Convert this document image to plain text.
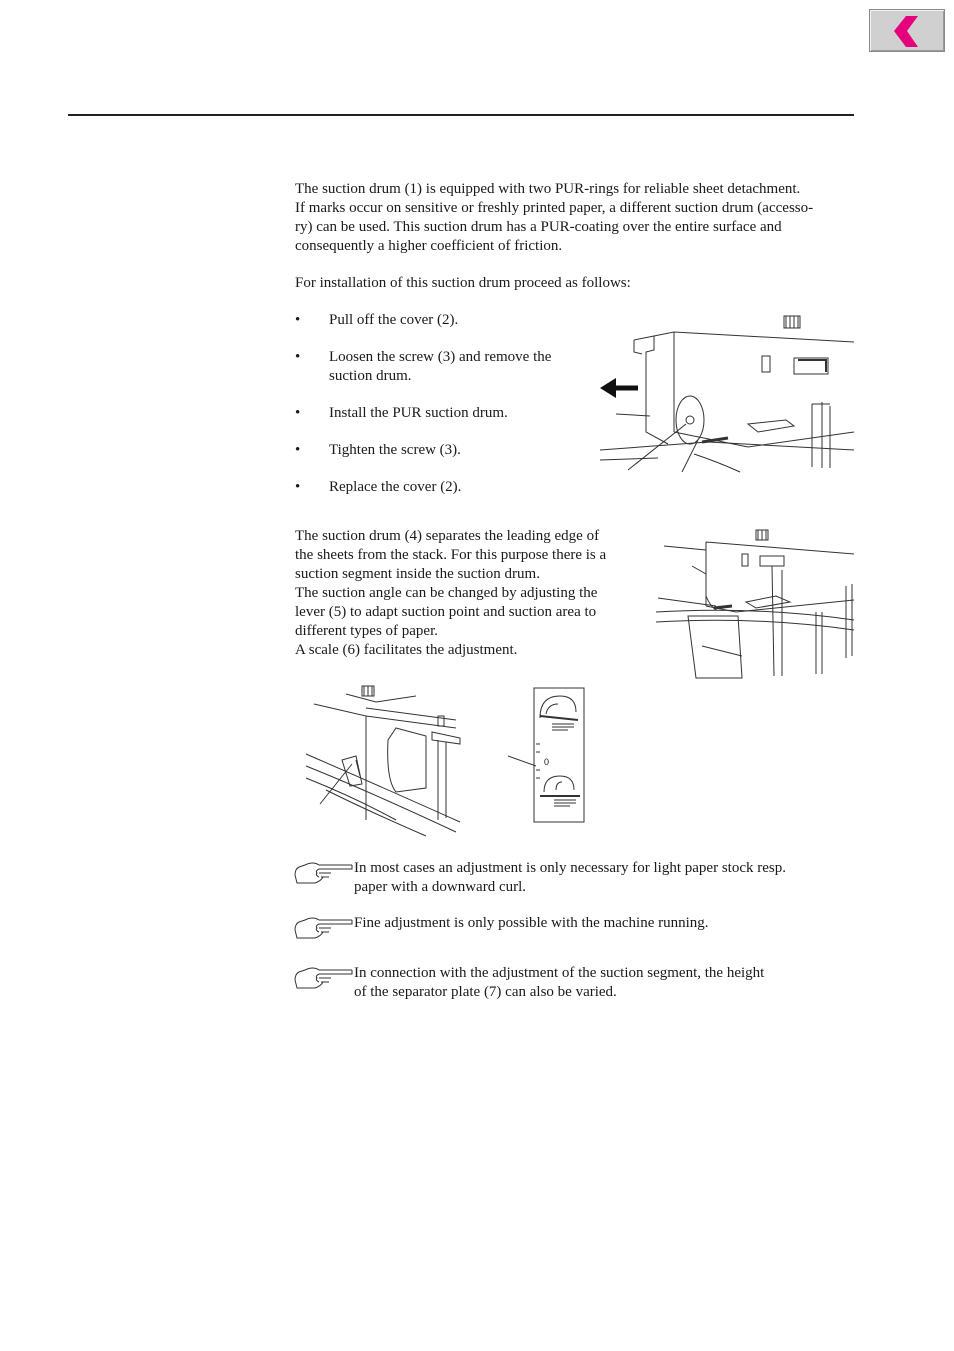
The suction drum (1) is equipped with two PUR-rings for reliable sheet detachment.
If marks occur on sensitive or freshly printed paper, a different suction drum (accesso-
ry) can be used. This suction drum has a PUR-coating over the entire surface and
consequently a higher coefficient of friction.
For installation of this suction drum proceed as follows:
• Pull off the cover (2).
• Loosen the screw (3) and remove the suction drum.
• Install the PUR suction drum.
• Tighten the screw (3).
• Replace the cover (2).
The suction drum (4) separates the leading edge of
the sheets from the stack. For this purpose there is a
suction segment inside the suction drum.
The suction angle can be changed by adjusting the
lever (5) to adapt suction point and suction area to
different types of paper.
A scale (6) facilitates the adjustment.
0
In most cases an adjustment is only necessary for light paper stock resp.
paper with a downward curl.
Fine adjustment is only possible with the machine running.
In connection with the adjustment of the suction segment, the height
of the separator plate (7) can also be varied.
